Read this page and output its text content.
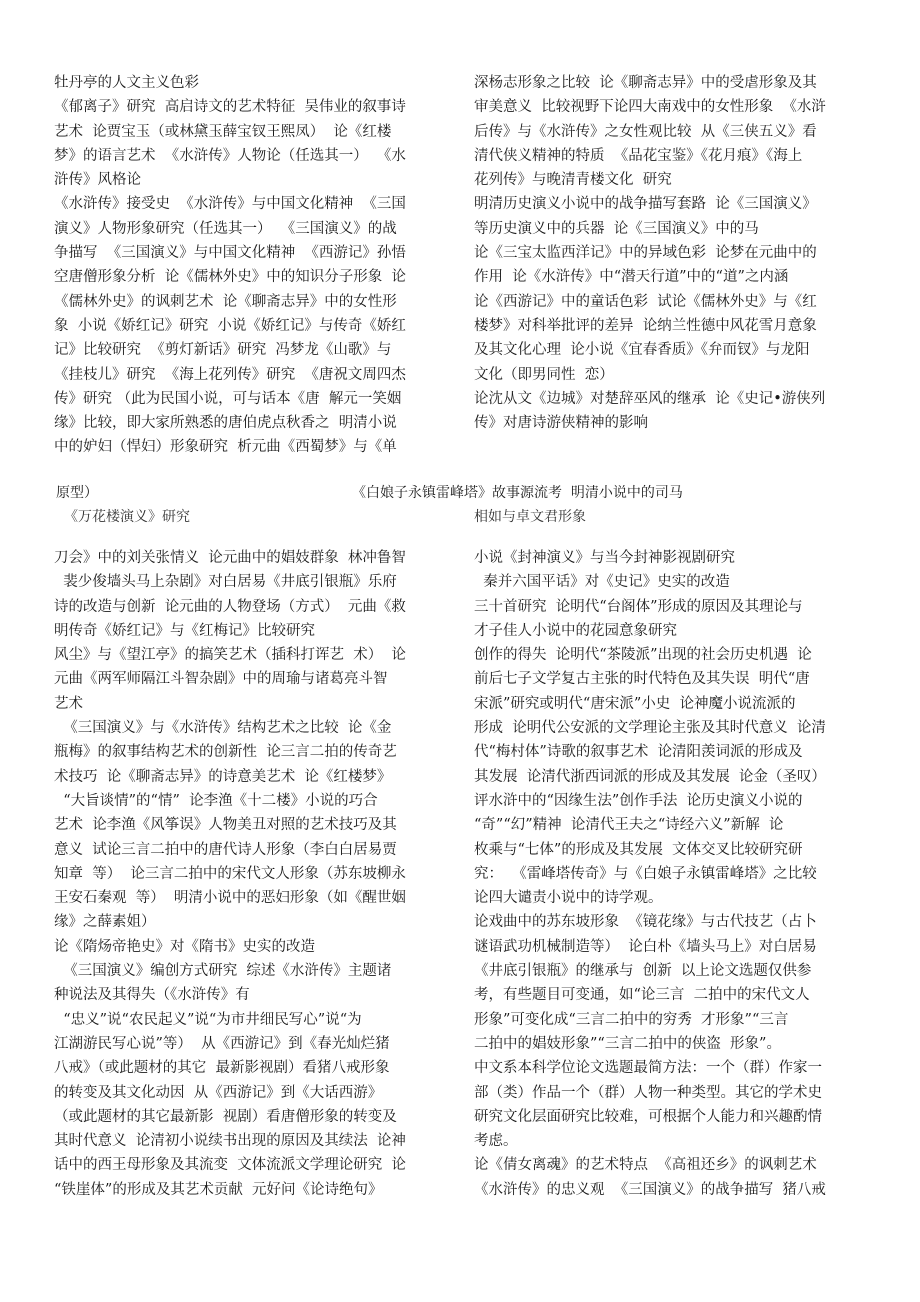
牡丹亭的人文主义色彩

《郁离子》研究  高启诗文的艺术特征  吴伟业的叙事诗

艺术  论贾宝玉（或林黛玉薛宝钗王熙凤）  论《红楼

梦》的语言艺术  《水浒传》人物论（任选其一）  《水

浒传》风格论

《水浒传》接受史  《水浒传》与中国文化精神  《三国

演义》人物形象研究（任选其一）  《三国演义》的战

争描写  《三国演义》与中国文化精神  《西游记》孙悟

空唐僧形象分析  论《儒林外史》中的知识分子形象  论

《儒林外史》的讽刺艺术  论《聊斋志异》中的女性形

象  小说《娇红记》研究  小说《娇红记》与传奇《娇红

记》比较研究  《剪灯新话》研究  冯梦龙《山歌》与

《挂枝儿》研究  《海上花列传》研究  《唐祝文周四杰

传》研究 （此为民国小说，可与话本《唐  解元一笑姻

缘》比较，即大家所熟悉的唐伯虎点秋香之  明清小说

中的妒妇（悍妇）形象研究  析元曲《西蜀梦》与《单

深杨志形象之比较  论《聊斋志异》中的受虐形象及其

审美意义  比较视野下论四大南戏中的女性形象  《水浒

后传》与《水浒传》之女性观比较  从《三侠五义》看

清代侠义精神的特质  《品花宝鉴》《花月痕》《海上

花列传》与晚清青楼文化  研究

明清历史演义小说中的战争描写套路  论《三国演义》

等历史演义中的兵器  论《三国演义》中的马

论《三宝太监西洋记》中的异域色彩  论梦在元曲中的

作用  论《水浒传》中“潜天行道”中的“道”之内涵

论《西游记》中的童话色彩  试论《儒林外史》与《红

楼梦》对科举批评的差异  论纳兰性德中风花雪月意象

及其文化心理  论小说《宜春香质》《弁而钗》与龙阳

文化（即男同性  恋）

论沈从文《边城》对楚辞巫风的继承  论《史记•游侠列

传》对唐诗游侠精神的影响

原型）	《白娘子永镇雷峰塔》故事源流考  明清小说中的司马

《万花楼演义》研究	相如与卓文君形象

刀会》中的刘关张情义  论元曲中的娼妓群象  林冲鲁智

裴少俊墙头马上杂剧》对白居易《井底引银瓶》乐府

诗的改造与创新  论元曲的人物登场（方式）  元曲《救

明传奇《娇红记》与《红梅记》比较研究

风尘》与《望江亭》的搞笑艺术（插科打诨艺  术）  论

元曲《两军师隔江斗智杂剧》中的周瑜与诸葛亮斗智

艺术

《三国演义》与《水浒传》结构艺术之比较  论《金

瓶梅》的叙事结构艺术的创新性  论三言二拍的传奇艺

术技巧  论《聊斋志异》的诗意美艺术  论《红楼梦》

“大旨谈情”的“情”  论李渔《十二楼》小说的巧合

艺术  论李渔《风筝误》人物美丑对照的艺术技巧及其

意义  试论三言二拍中的唐代诗人形象（李白白居易贾

知章  等）  论三言二拍中的宋代文人形象（苏东坡柳永

王安石秦观  等）  明清小说中的恶妇形象（如《醒世姻

缘》之薛素姐）

论《隋炀帝艳史》对《隋书》史实的改造

《三国演义》编创方式研究  综述《水浒传》主题诸

种说法及其得失（《水浒传》有

“忠义”说“农民起义”说“为市井细民写心”说“为

江湖游民写心说”等）  从《西游记》到《春光灿烂猪

八戒》（或此题材的其它  最新影视剧）看猪八戒形象

的转变及其文化动因  从《西游记》到《大话西游》

（或此题材的其它最新影  视剧）看唐僧形象的转变及

其时代意义  论清初小说续书出现的原因及其续法  论神

话中的西王母形象及其流变  文体流派文学理论研究  论

“铁崖体”的形成及其艺术贡献  元好问《论诗绝句》

小说《封神演义》与当今封神影视剧研究

秦并六国平话》对《史记》史实的改造

三十首研究  论明代“台阁体”形成的原因及其理论与

才子佳人小说中的花园意象研究

创作的得失  论明代“茶陵派”出现的社会历史机遇  论

前后七子文学复古主张的时代特色及其失误  明代“唐

宋派”研究或明代“唐宋派”小史  论神魔小说流派的

形成  论明代公安派的文学理论主张及其时代意义  论清

代“梅村体”诗歌的叙事艺术  论清阳羡词派的形成及

其发展  论清代浙西词派的形成及其发展  论金（圣叹）

评水浒中的“因缘生法”创作手法  论历史演义小说的

“奇”“幻”精神  论清代王夫之“诗经六义”新解  论

枚乘与“七体”的形成及其发展  文体交叉比较研究研

究：  《雷峰塔传奇》与《白娘子永镇雷峰塔》之比较

论四大谴责小说中的诗学观。

论戏曲中的苏东坡形象  《镜花缘》与古代技艺（占卜

谜语武功机械制造等）  论白朴《墙头马上》对白居易

《井底引银瓶》的继承与  创新  以上论文选题仅供参

考，有些题目可变通，如“论三言  二拍中的宋代文人

形象”可变化成“三言二拍中的穷秀  才形象”“三言

二拍中的娼妓形象”“三言二拍中的侠盗  形象”。

中文系本科学位论文选题最简方法：一个（群）作家一

部（类）作品一个（群）人物一种类型。其它的学术史

研究文化层面研究比较难，可根据个人能力和兴趣酌情

考虑。

论《倩女离魂》的艺术特点  《高祖还乡》的讽刺艺术

《水浒传》的忠义观  《三国演义》的战争描写  猪八戒
